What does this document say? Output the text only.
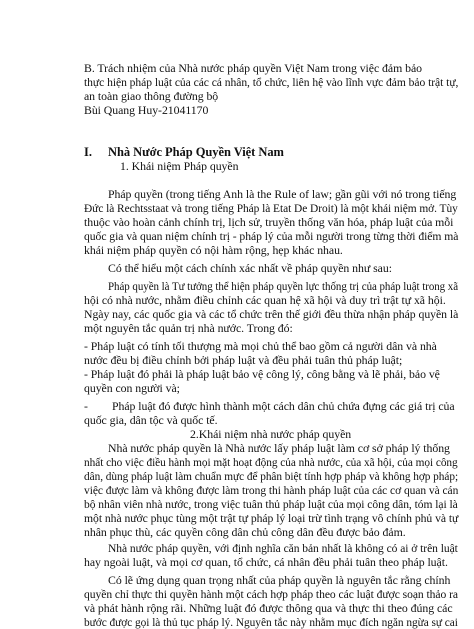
B. Trách nhiệm của Nhà nước pháp quyền Việt Nam trong việc đảm bảo
thực hiện pháp luật của các cá nhân, tổ chức, liên hệ vào lĩnh vực đảm bảo trật tự,
an toàn giao thông đường bộ
Bùi Quang Huy-21041170
I. Nhà Nước Pháp Quyền Việt Nam
1. Khái niệm Pháp quyền
Pháp quyền (trong tiếng Anh là the Rule of law; gần gũi với nó trong tiếng
Đức là Rechtsstaat và trong tiếng Pháp là Etat De Droit) là một khái niệm mở. Tùy
thuộc vào hoàn cảnh chính trị, lịch sử, truyền thống văn hóa, pháp luật của mỗi
quốc gia và quan niệm chính trị - pháp lý của mỗi người trong từng thời điểm mà
khái niệm pháp quyền có nội hàm rộng, hẹp khác nhau.
Có thể hiểu một cách chính xác nhất về pháp quyền như sau:
Pháp quyền là Tư tưởng thể hiện pháp quyền lực thống trị của pháp luật trong xã
hội có nhà nước, nhằm điều chỉnh các quan hệ xã hội và duy trì trật tự xã hội.
Ngày nay, các quốc gia và các tổ chức trên thế giới đều thừa nhận pháp quyền là
một nguyên tắc quản trị nhà nước. Trong đó:
- Pháp luật có tính tối thượng mà mọi chủ thể bao gồm cả người dân và nhà
nước đều bị điều chỉnh bởi pháp luật và đều phải tuân thủ pháp luật;
- Pháp luật đó phải là pháp luật bảo vệ công lý, công bằng và lẽ phải, bảo vệ
quyền con người và;
- Pháp luật đó được hình thành một cách dân chủ chứa đựng các giá trị của
quốc gia, dân tộc và quốc tế.
2.Khái niệm nhà nước pháp quyền
Nhà nước pháp quyền là Nhà nước lấy pháp luật làm cơ sở pháp lý thống
nhất cho việc điều hành mọi mặt hoạt động của nhà nước, của xã hội, của mọi công
dân, dùng pháp luật làm chuẩn mực để phân biệt tính hợp pháp và không hợp pháp;
việc được làm và không được làm trong thi hành pháp luật của các cơ quan và cán
bộ nhân viên nhà nước, trong việc tuân thủ pháp luật của mọi công dân, tóm lại là
một nhà nước phục tùng một trật tự pháp lý loại trừ tình trạng vô chính phủ và tự
nhân phục thù, các quyền công dân chủ công dân đều được bảo đảm.
Nhà nước pháp quyền, với định nghĩa căn bản nhất là không có ai ở trên luật
hay ngoài luật, và mọi cơ quan, tổ chức, cá nhân đều phải tuân theo pháp luật.
Có lẽ ứng dụng quan trọng nhất của pháp quyền là nguyên tắc rằng chính
quyền chỉ thực thi quyền hành một cách hợp pháp theo các luật được soạn thảo ra
và phát hành rộng rãi. Những luật đó được thông qua và thực thi theo đúng các
bước được gọi là thủ tục pháp lý. Nguyên tắc này nhằm mục đích ngăn ngừa sự cai
